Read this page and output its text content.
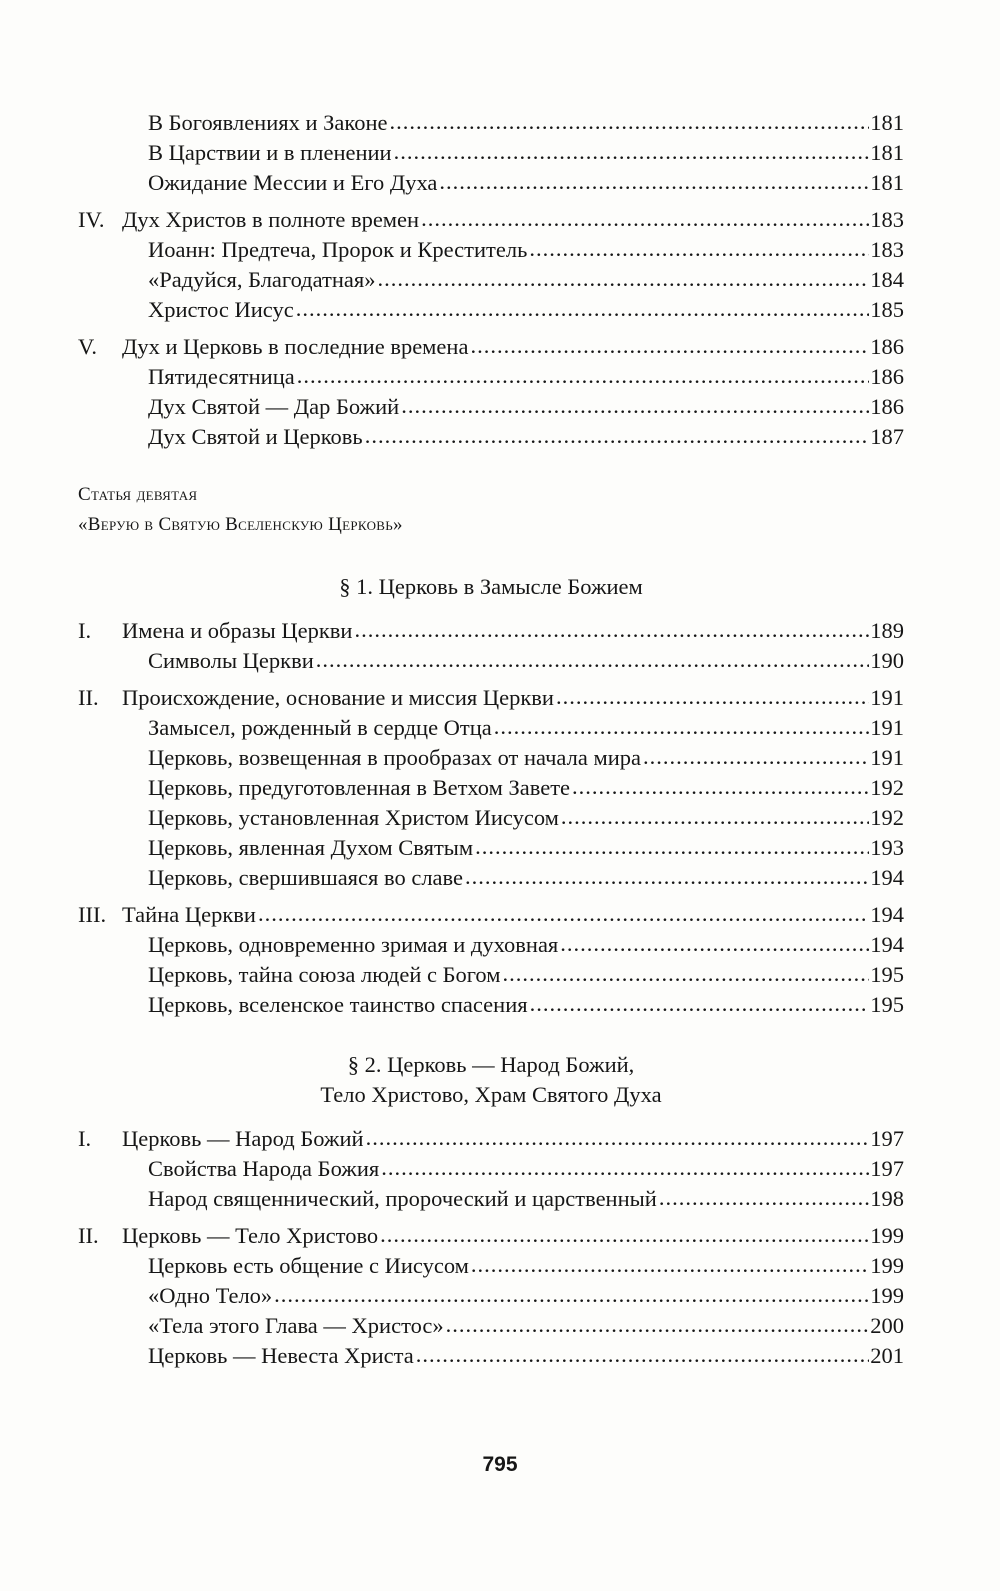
В Богоявлениях и Законе .....	181
В Царствии и в пленении .....	181
Ожидание Мессии и Его Духа .....	181
IV. Дух Христов в полноте времен .....	183
Иоанн: Предтеча, Пророк и Креститель .....	183
«Радуйся, Благодатная» .....	184
Христос Иисус .....	185
V.	Дух и Церковь в последние времена .....	186
Пятидесятница .....	186
Дух Святой — Дар Божий .....	186
Дух Святой и Церковь .....	187
Статья девятая
«Верую в Святую Вселенскую Церковь»
§ 1. Церковь в Замысле Божием
I.	Имена и образы Церкви .....	189
Символы Церкви .....	190
II.	Происхождение, основание и миссия Церкви .....	191
Замысел, рожденный в сердце Отца .....	191
Церковь, возвещенная в прообразах от начала мира .....	191
Церковь, предуготовленная в Ветхом Завете .....	192
Церковь, установленная Христом Иисусом .....	192
Церковь, явленная Духом Святым .....	193
Церковь, свершившаяся во славе .....	194
III. Тайна Церкви .....	194
Церковь, одновременно зримая и духовная .....	194
Церковь, тайна союза людей с Богом .....	195
Церковь, вселенское таинство спасения .....	195
§ 2. Церковь — Народ Божий,
Тело Христово, Храм Святого Духа
I.	Церковь — Народ Божий .....	197
Свойства Народа Божия .....	197
Народ священнический, пророческий и царственный .....	198
II.	Церковь — Тело Христово .....	199
Церковь есть общение с Иисусом .....	199
«Одно Тело» .....	199
«Тела этого Глава — Христос» .....	200
Церковь — Невеста Христа .....	201
795
